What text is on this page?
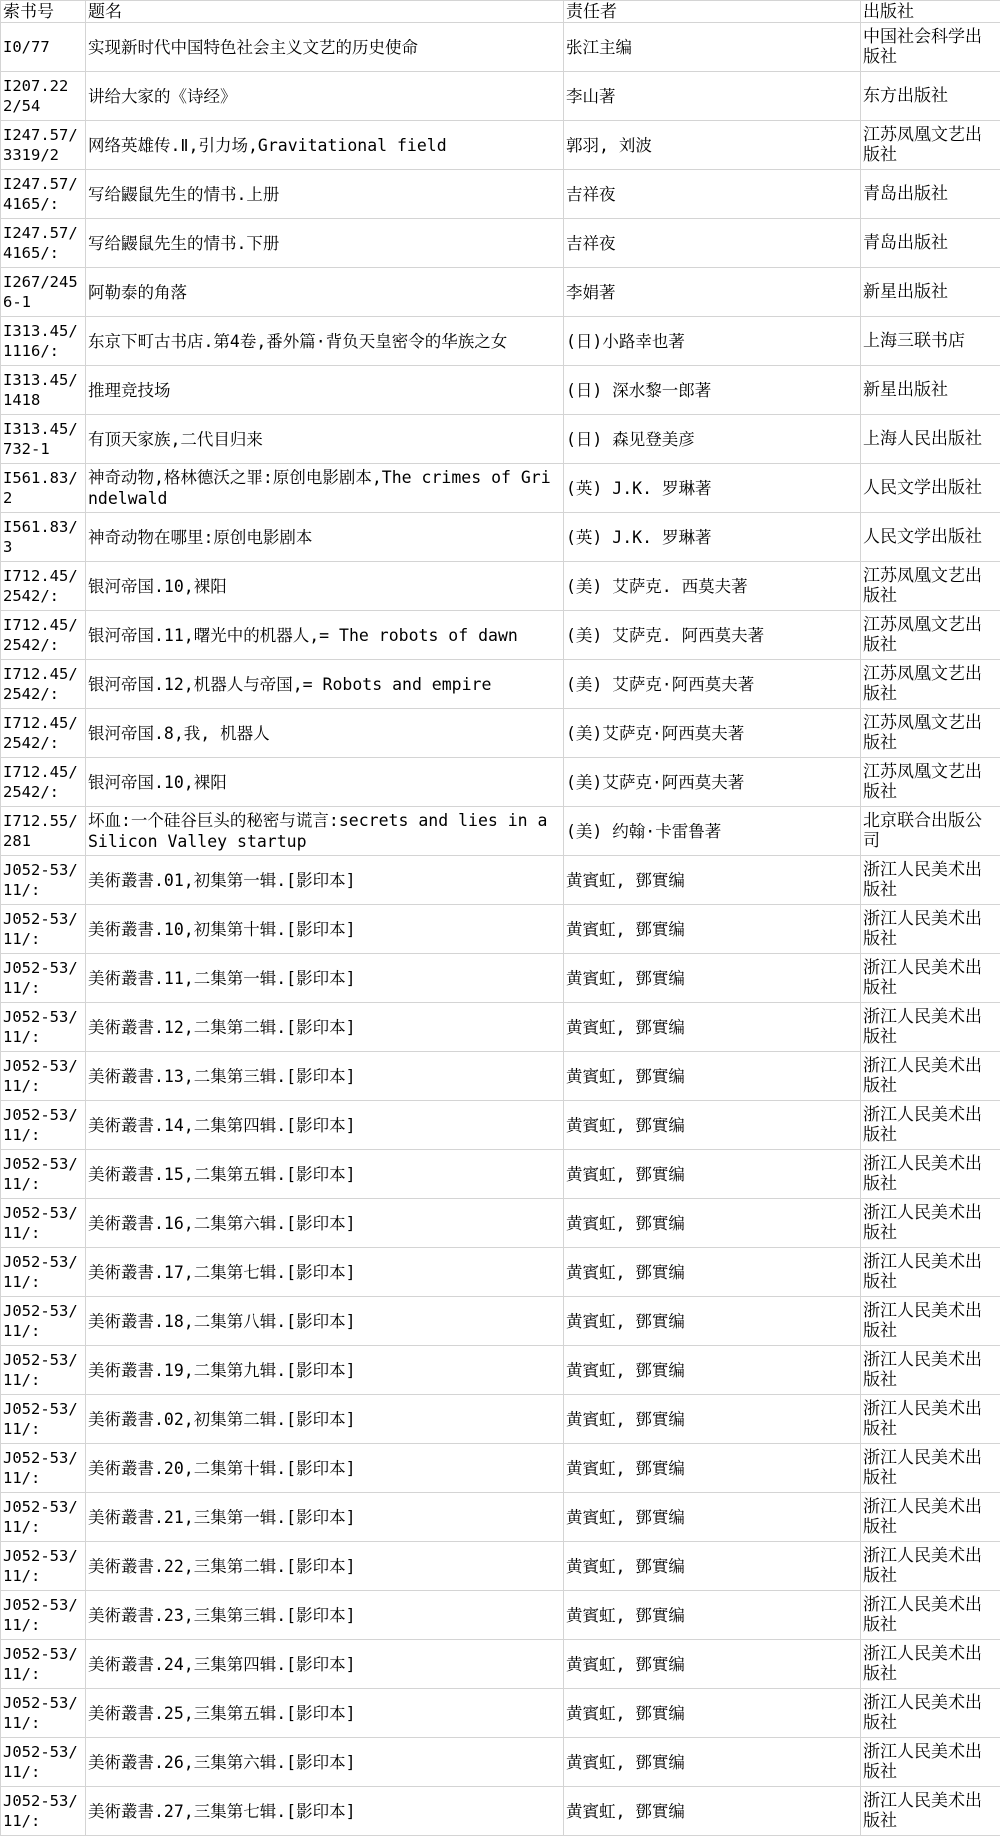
索书号	题名	责任者	出版社
I0/77	实现新时代中国特色社会主义文艺的历史使命	张江主编	中国社会科学出版社
I207.222/54	讲给大家的《诗经》	李山著	东方出版社
I247.57/3319/2	网络英雄传.Ⅱ,引力场,Gravitational field	郭羽, 刘波	江苏凤凰文艺出版社
I247.57/4165/:	写给鼹鼠先生的情书.上册	吉祥夜	青岛出版社
I247.57/4165/:	写给鼹鼠先生的情书.下册	吉祥夜	青岛出版社
I267/2456-1	阿勒泰的角落	李娟著	新星出版社
I313.45/1116/:	东京下町古书店.第4卷,番外篇·背负天皇密令的华族之女	(日)小路幸也著	上海三联书店
I313.45/1418	推理竞技场	(日) 深水黎一郎著	新星出版社
I313.45/732-1	有顶天家族,二代目归来	(日) 森见登美彦	上海人民出版社
I561.83/2	神奇动物,格林德沃之罪:原创电影剧本,The crimes of Grindelwald	(英) J.K. 罗琳著	人民文学出版社
I561.83/3	神奇动物在哪里:原创电影剧本	(英) J.K. 罗琳著	人民文学出版社
I712.45/2542/:	银河帝国.10,裸阳	(美) 艾萨克. 西莫夫著	江苏凤凰文艺出版社
I712.45/2542/:	银河帝国.11,曙光中的机器人,= The robots of dawn	(美) 艾萨克. 阿西莫夫著	江苏凤凰文艺出版社
I712.45/2542/:	银河帝国.12,机器人与帝国,= Robots and empire	(美) 艾萨克·阿西莫夫著	江苏凤凰文艺出版社
I712.45/2542/:	银河帝国.8,我, 机器人	(美)艾萨克·阿西莫夫著	江苏凤凰文艺出版社
I712.45/2542/:	银河帝国.10,裸阳	(美)艾萨克·阿西莫夫著	江苏凤凰文艺出版社
I712.55/281	坏血:一个硅谷巨头的秘密与谎言:secrets and lies in a Silicon Valley startup	(美) 约翰·卡雷鲁著	北京联合出版公司
J052-53/11/:	美術叢書.01,初集第一辑.[影印本]	黄賓虹, 鄧實编	浙江人民美术出版社
J052-53/11/:	美術叢書.10,初集第十辑.[影印本]	黄賓虹, 鄧實编	浙江人民美术出版社
J052-53/11/:	美術叢書.11,二集第一辑.[影印本]	黄賓虹, 鄧實编	浙江人民美术出版社
J052-53/11/:	美術叢書.12,二集第二辑.[影印本]	黄賓虹, 鄧實编	浙江人民美术出版社
J052-53/11/:	美術叢書.13,二集第三辑.[影印本]	黄賓虹, 鄧實编	浙江人民美术出版社
J052-53/11/:	美術叢書.14,二集第四辑.[影印本]	黄賓虹, 鄧實编	浙江人民美术出版社
J052-53/11/:	美術叢書.15,二集第五辑.[影印本]	黄賓虹, 鄧實编	浙江人民美术出版社
J052-53/11/:	美術叢書.16,二集第六辑.[影印本]	黄賓虹, 鄧實编	浙江人民美术出版社
J052-53/11/:	美術叢書.17,二集第七辑.[影印本]	黄賓虹, 鄧實编	浙江人民美术出版社
J052-53/11/:	美術叢書.18,二集第八辑.[影印本]	黄賓虹, 鄧實编	浙江人民美术出版社
J052-53/11/:	美術叢書.19,二集第九辑.[影印本]	黄賓虹, 鄧實编	浙江人民美术出版社
J052-53/11/:	美術叢書.02,初集第二辑.[影印本]	黄賓虹, 鄧實编	浙江人民美术出版社
J052-53/11/:	美術叢書.20,二集第十辑.[影印本]	黄賓虹, 鄧實编	浙江人民美术出版社
J052-53/11/:	美術叢書.21,三集第一辑.[影印本]	黄賓虹, 鄧實编	浙江人民美术出版社
J052-53/11/:	美術叢書.22,三集第二辑.[影印本]	黄賓虹, 鄧實编	浙江人民美术出版社
J052-53/11/:	美術叢書.23,三集第三辑.[影印本]	黄賓虹, 鄧實编	浙江人民美术出版社
J052-53/11/:	美術叢書.24,三集第四辑.[影印本]	黄賓虹, 鄧實编	浙江人民美术出版社
J052-53/11/:	美術叢書.25,三集第五辑.[影印本]	黄賓虹, 鄧實编	浙江人民美术出版社
J052-53/11/:	美術叢書.26,三集第六辑.[影印本]	黄賓虹, 鄧實编	浙江人民美术出版社
J052-53/11/:	美術叢書.27,三集第七辑.[影印本]	黄賓虹, 鄧實编	浙江人民美术出版社
